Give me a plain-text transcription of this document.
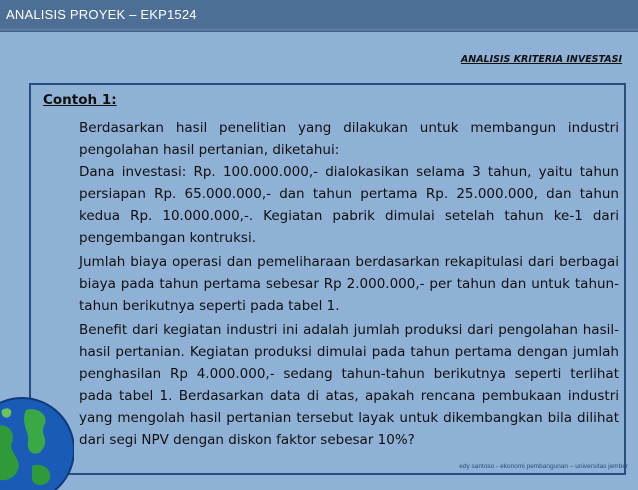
ANALISIS PROYEK – EKP1524
ANALISIS KRITERIA INVESTASI
Contoh 1:
Berdasarkan hasil penelitian yang dilakukan untuk membangun industri pengolahan hasil pertanian, diketahui:
Dana investasi: Rp. 100.000.000,- dialokasikan selama 3 tahun, yaitu tahun persiapan Rp. 65.000.000,- dan tahun pertama Rp. 25.000.000, dan tahun kedua Rp. 10.000.000,-. Kegiatan pabrik dimulai setelah tahun ke-1 dari pengembangan kontruksi.
Jumlah biaya operasi dan pemeliharaan berdasarkan rekapitulasi dari berbagai biaya pada tahun pertama sebesar Rp 2.000.000,- per tahun dan untuk tahun-tahun berikutnya seperti pada tabel 1.
Benefit dari kegiatan industri ini adalah jumlah produksi dari pengolahan hasil-hasil pertanian. Kegiatan produksi dimulai pada tahun pertama dengan jumlah penghasilan Rp 4.000.000,- sedang tahun-tahun berikutnya seperti terlihat pada tabel 1. Berdasarkan data di atas, apakah rencana pembukaan industri yang mengolah hasil pertanian tersebut layak untuk dikembangkan bila dilihat dari segi NPV dengan diskon faktor sebesar 10%?
edy santoso - ekonomi pembangunan – universitas jember
